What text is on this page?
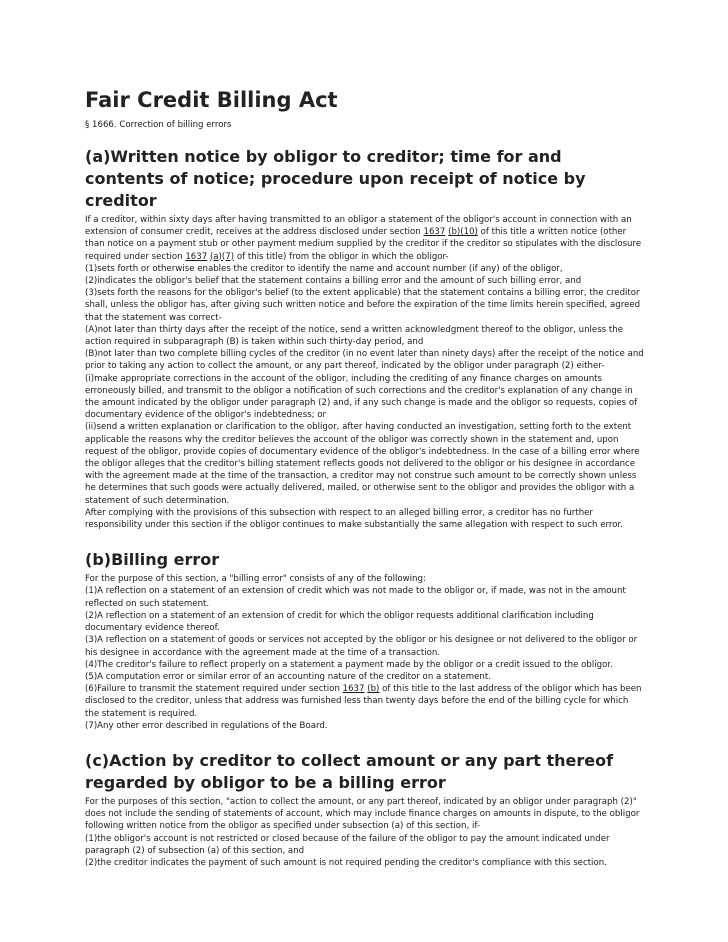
Fair Credit Billing Act
§ 1666. Correction of billing errors
(a)Written notice by obligor to creditor; time for and contents of notice; procedure upon receipt of notice by creditor

If a creditor, within sixty days after having transmitted to an obligor a statement of the obligor's account in connection with an extension of consumer credit, receives at the address disclosed under section 1637 (b)(10) of this title a written notice (other than notice on a payment stub or other payment medium supplied by the creditor if the creditor so stipulates with the disclosure required under section 1637 (a)(7) of this title) from the obligor in which the obligor-

(1)sets forth or otherwise enables the creditor to identify the name and account number (if any) of the obligor,

(2)indicates the obligor's belief that the statement contains a billing error and the amount of such billing error, and

(3)sets forth the reasons for the obligor's belief (to the extent applicable) that the statement contains a billing error, the creditor shall, unless the obligor has, after giving such written notice and before the expiration of the time limits herein specified, agreed that the statement was correct-

(A)not later than thirty days after the receipt of the notice, send a written acknowledgment thereof to the obligor, unless the action required in subparagraph (B) is taken within such thirty-day period, and

(B)not later than two complete billing cycles of the creditor (in no event later than ninety days) after the receipt of the notice and prior to taking any action to collect the amount, or any part thereof, indicated by the obligor under paragraph (2) either-

(i)make appropriate corrections in the account of the obligor, including the crediting of any finance charges on amounts erroneously billed, and transmit to the obligor a notification of such corrections and the creditor's explanation of any change in the amount indicated by the obligor under paragraph (2) and, if any such change is made and the obligor so requests, copies of documentary evidence of the obligor's indebtedness; or

(ii)send a written explanation or clarification to the obligor, after having conducted an investigation, setting forth to the extent applicable the reasons why the creditor believes the account of the obligor was correctly shown in the statement and, upon request of the obligor, provide copies of documentary evidence of the obligor's indebtedness. In the case of a billing error where the obligor alleges that the creditor's billing statement reflects goods not delivered to the obligor or his designee in accordance with the agreement made at the time of the transaction, a creditor may not construe such amount to be correctly shown unless he determines that such goods were actually delivered, mailed, or otherwise sent to the obligor and provides the obligor with a statement of such determination.

After complying with the provisions of this subsection with respect to an alleged billing error, a creditor has no further responsibility under this section if the obligor continues to make substantially the same allegation with respect to such error.

(b)Billing error

For the purpose of this section, a "billing error" consists of any of the following:

(1)A reflection on a statement of an extension of credit which was not made to the obligor or, if made, was not in the amount reflected on such statement.

(2)A reflection on a statement of an extension of credit for which the obligor requests additional clarification including documentary evidence thereof.

(3)A reflection on a statement of goods or services not accepted by the obligor or his designee or not delivered to the obligor or his designee in accordance with the agreement made at the time of a transaction.

(4)The creditor's failure to reflect properly on a statement a payment made by the obligor or a credit issued to the obligor.

(5)A computation error or similar error of an accounting nature of the creditor on a statement.

(6)Failure to transmit the statement required under section 1637 (b) of this title to the last address of the obligor which has been disclosed to the creditor, unless that address was furnished less than twenty days before the end of the billing cycle for which the statement is required.

(7)Any other error described in regulations of the Board.

(c)Action by creditor to collect amount or any part thereof regarded by obligor to be a billing error

For the purposes of this section, "action to collect the amount, or any part thereof, indicated by an obligor under paragraph (2)" does not include the sending of statements of account, which may include finance charges on amounts in dispute, to the obligor following written notice from the obligor as specified under subsection (a) of this section, if-

(1)the obligor's account is not restricted or closed because of the failure of the obligor to pay the amount indicated under paragraph (2) of subsection (a) of this section, and

(2)the creditor indicates the payment of such amount is not required pending the creditor's compliance with this section.
